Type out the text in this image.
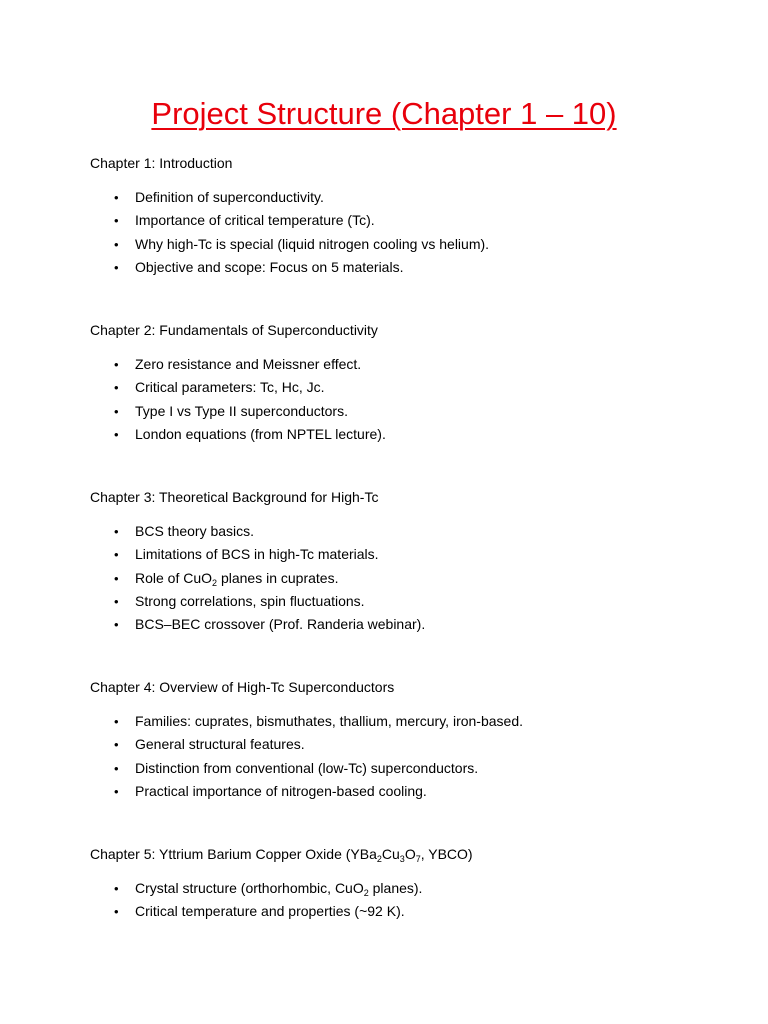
Project Structure (Chapter 1 – 10)
Chapter 1: Introduction
• Definition of superconductivity.
• Importance of critical temperature (Tc).
• Why high-Tc is special (liquid nitrogen cooling vs helium).
• Objective and scope: Focus on 5 materials.
Chapter 2: Fundamentals of Superconductivity
• Zero resistance and Meissner effect.
• Critical parameters: Tc, Hc, Jc.
• Type I vs Type II superconductors.
• London equations (from NPTEL lecture).
Chapter 3: Theoretical Background for High-Tc
• BCS theory basics.
• Limitations of BCS in high-Tc materials.
• Role of CuO$_2$ planes in cuprates.
• Strong correlations, spin fluctuations.
• BCS–BEC crossover (Prof. Randeria webinar).
Chapter 4: Overview of High-Tc Superconductors
• Families: cuprates, bismuthates, thallium, mercury, iron-based.
• General structural features.
• Distinction from conventional (low-Tc) superconductors.
• Practical importance of nitrogen-based cooling.
Chapter 5: Yttrium Barium Copper Oxide ($YBa_2Cu_3O_7$, YBCO)
• Crystal structure (orthorhombic, CuO$_2$ planes).
• Critical temperature and properties (~92 K).
